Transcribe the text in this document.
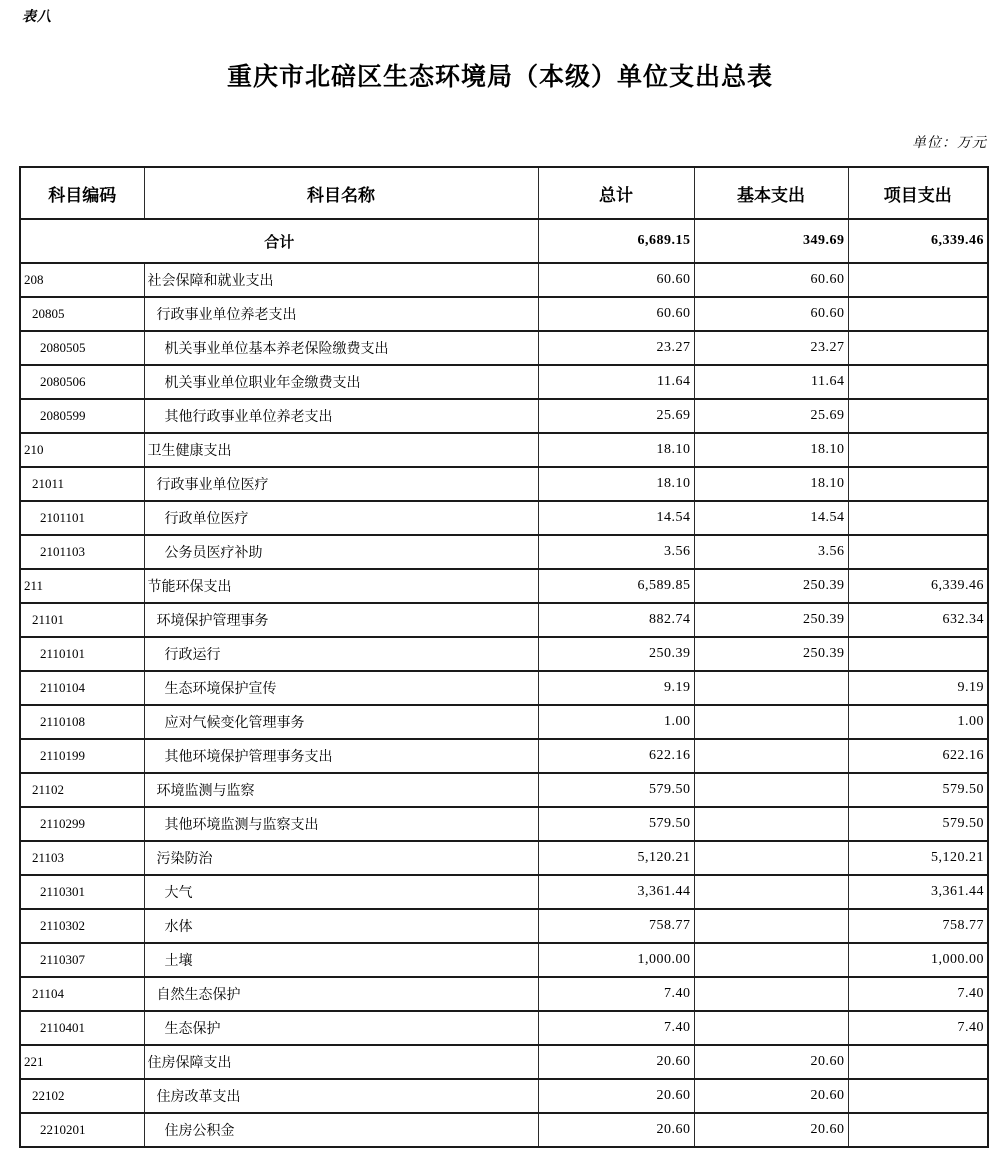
表八
重庆市北碚区生态环境局（本级）单位支出总表
单位：万元
科目编码	科目名称	总计	基本支出	项目支出
合计		6,689.15	349.69	6,339.46
208	社会保障和就业支出	60.60	60.60	
20805	行政事业单位养老支出	60.60	60.60	
2080505	机关事业单位基本养老保险缴费支出	23.27	23.27	
2080506	机关事业单位职业年金缴费支出	11.64	11.64	
2080599	其他行政事业单位养老支出	25.69	25.69	
210	卫生健康支出	18.10	18.10	
21011	行政事业单位医疗	18.10	18.10	
2101101	行政单位医疗	14.54	14.54	
2101103	公务员医疗补助	3.56	3.56	
211	节能环保支出	6,589.85	250.39	6,339.46
21101	环境保护管理事务	882.74	250.39	632.34
2110101	行政运行	250.39	250.39	
2110104	生态环境保护宣传	9.19		9.19
2110108	应对气候变化管理事务	1.00		1.00
2110199	其他环境保护管理事务支出	622.16		622.16
21102	环境监测与监察	579.50		579.50
2110299	其他环境监测与监察支出	579.50		579.50
21103	污染防治	5,120.21		5,120.21
2110301	大气	3,361.44		3,361.44
2110302	水体	758.77		758.77
2110307	土壤	1,000.00		1,000.00
21104	自然生态保护	7.40		7.40
2110401	生态保护	7.40		7.40
221	住房保障支出	20.60	20.60	
22102	住房改革支出	20.60	20.60	
2210201	住房公积金	20.60	20.60	
